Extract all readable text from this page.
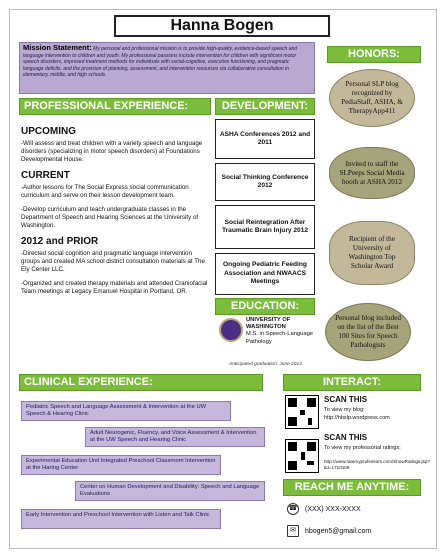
Hanna Bogen
Mission Statement: My personal and professional mission is to provide high-quality, evidence-based speech and language intervention to children and youth. My professional passions include intervention for children with significant motor speech disorders, improved treatment methods for individuals with social-cognitive, executive functioning, and pragmatic language deficits, and the provision of planning, assessment, and intervention resources via collaborative consultation in elementary, middle, and high schools.
PROFESSIONAL EXPERIENCE:	DEVELOPMENT:
HONORS:
EDUCATION:
CLINICAL EXPERIENCE:	INTERACT:
REACH ME ANYTIME:
UPCOMING

-Will assess and treat children with a variety speech and language disorders (specializing in motor speech disorders) at Foundations Developmental House.

CURRENT

-Author lessons for The Social Express social communication curriculum and serve on their lesson development team.

-Develop curriculum and teach undergraduate classes in the Department of Speech and Hearing Sciences at the University of Washington.

2012 and PRIOR

-Directed social cognition and pragmatic language intervention groups and created MA school district consultation materials at The Ely Center LLC.

-Organized and created therapy materials and attended Craniofacial Team meetings at Legacy Emanuel Hospital in Portland, OR.

ASHA Conferences 2012 and 2011
Social Thinking Conference 2012
Social Reintegration After Traumatic Brain Injury 2012
Ongoing Pediatric Feeding Association and NWAACS Meetings
UNIVERSITY OF WASHINGTON
M.S. in Speech-Language Pathology
Anticipated graduation: June 2013
Personal SLP blog recognized by PediaStaff, ASHA, & TherapyApp411
Invited to staff the SLPeeps Social Media booth at ASHA 2012
Recipient of the University of Washington Top Scholar Award
Personal blog included on the list of the Best 100 Sites for Speech Pathologists
Pediatric Speech and Language Assessment & Intervention at the UW Speech & Hearing Clinic
Adult Neurogenic, Fluency, and Voice Assessment & Intervention at the UW Speech and Hearing Clinic
Experimental Education Unit Integrated Preschool Classroom Intervention at the Haring Center
Center on Human Development and Disability: Speech and Language Evaluations
Early Intervention and Preschool Intervention with Listen and Talk Clinic
SCAN THIS
To view my blog:
http://hbslp.wordpress.com
SCAN THIS
To view my professorial ratings:
http://www.ratemyprofessors.com/ShowRatings.jsp?tid=1710108
☎ (XXX) XXX-XXXX
✉	hbogen5@gmail.com
